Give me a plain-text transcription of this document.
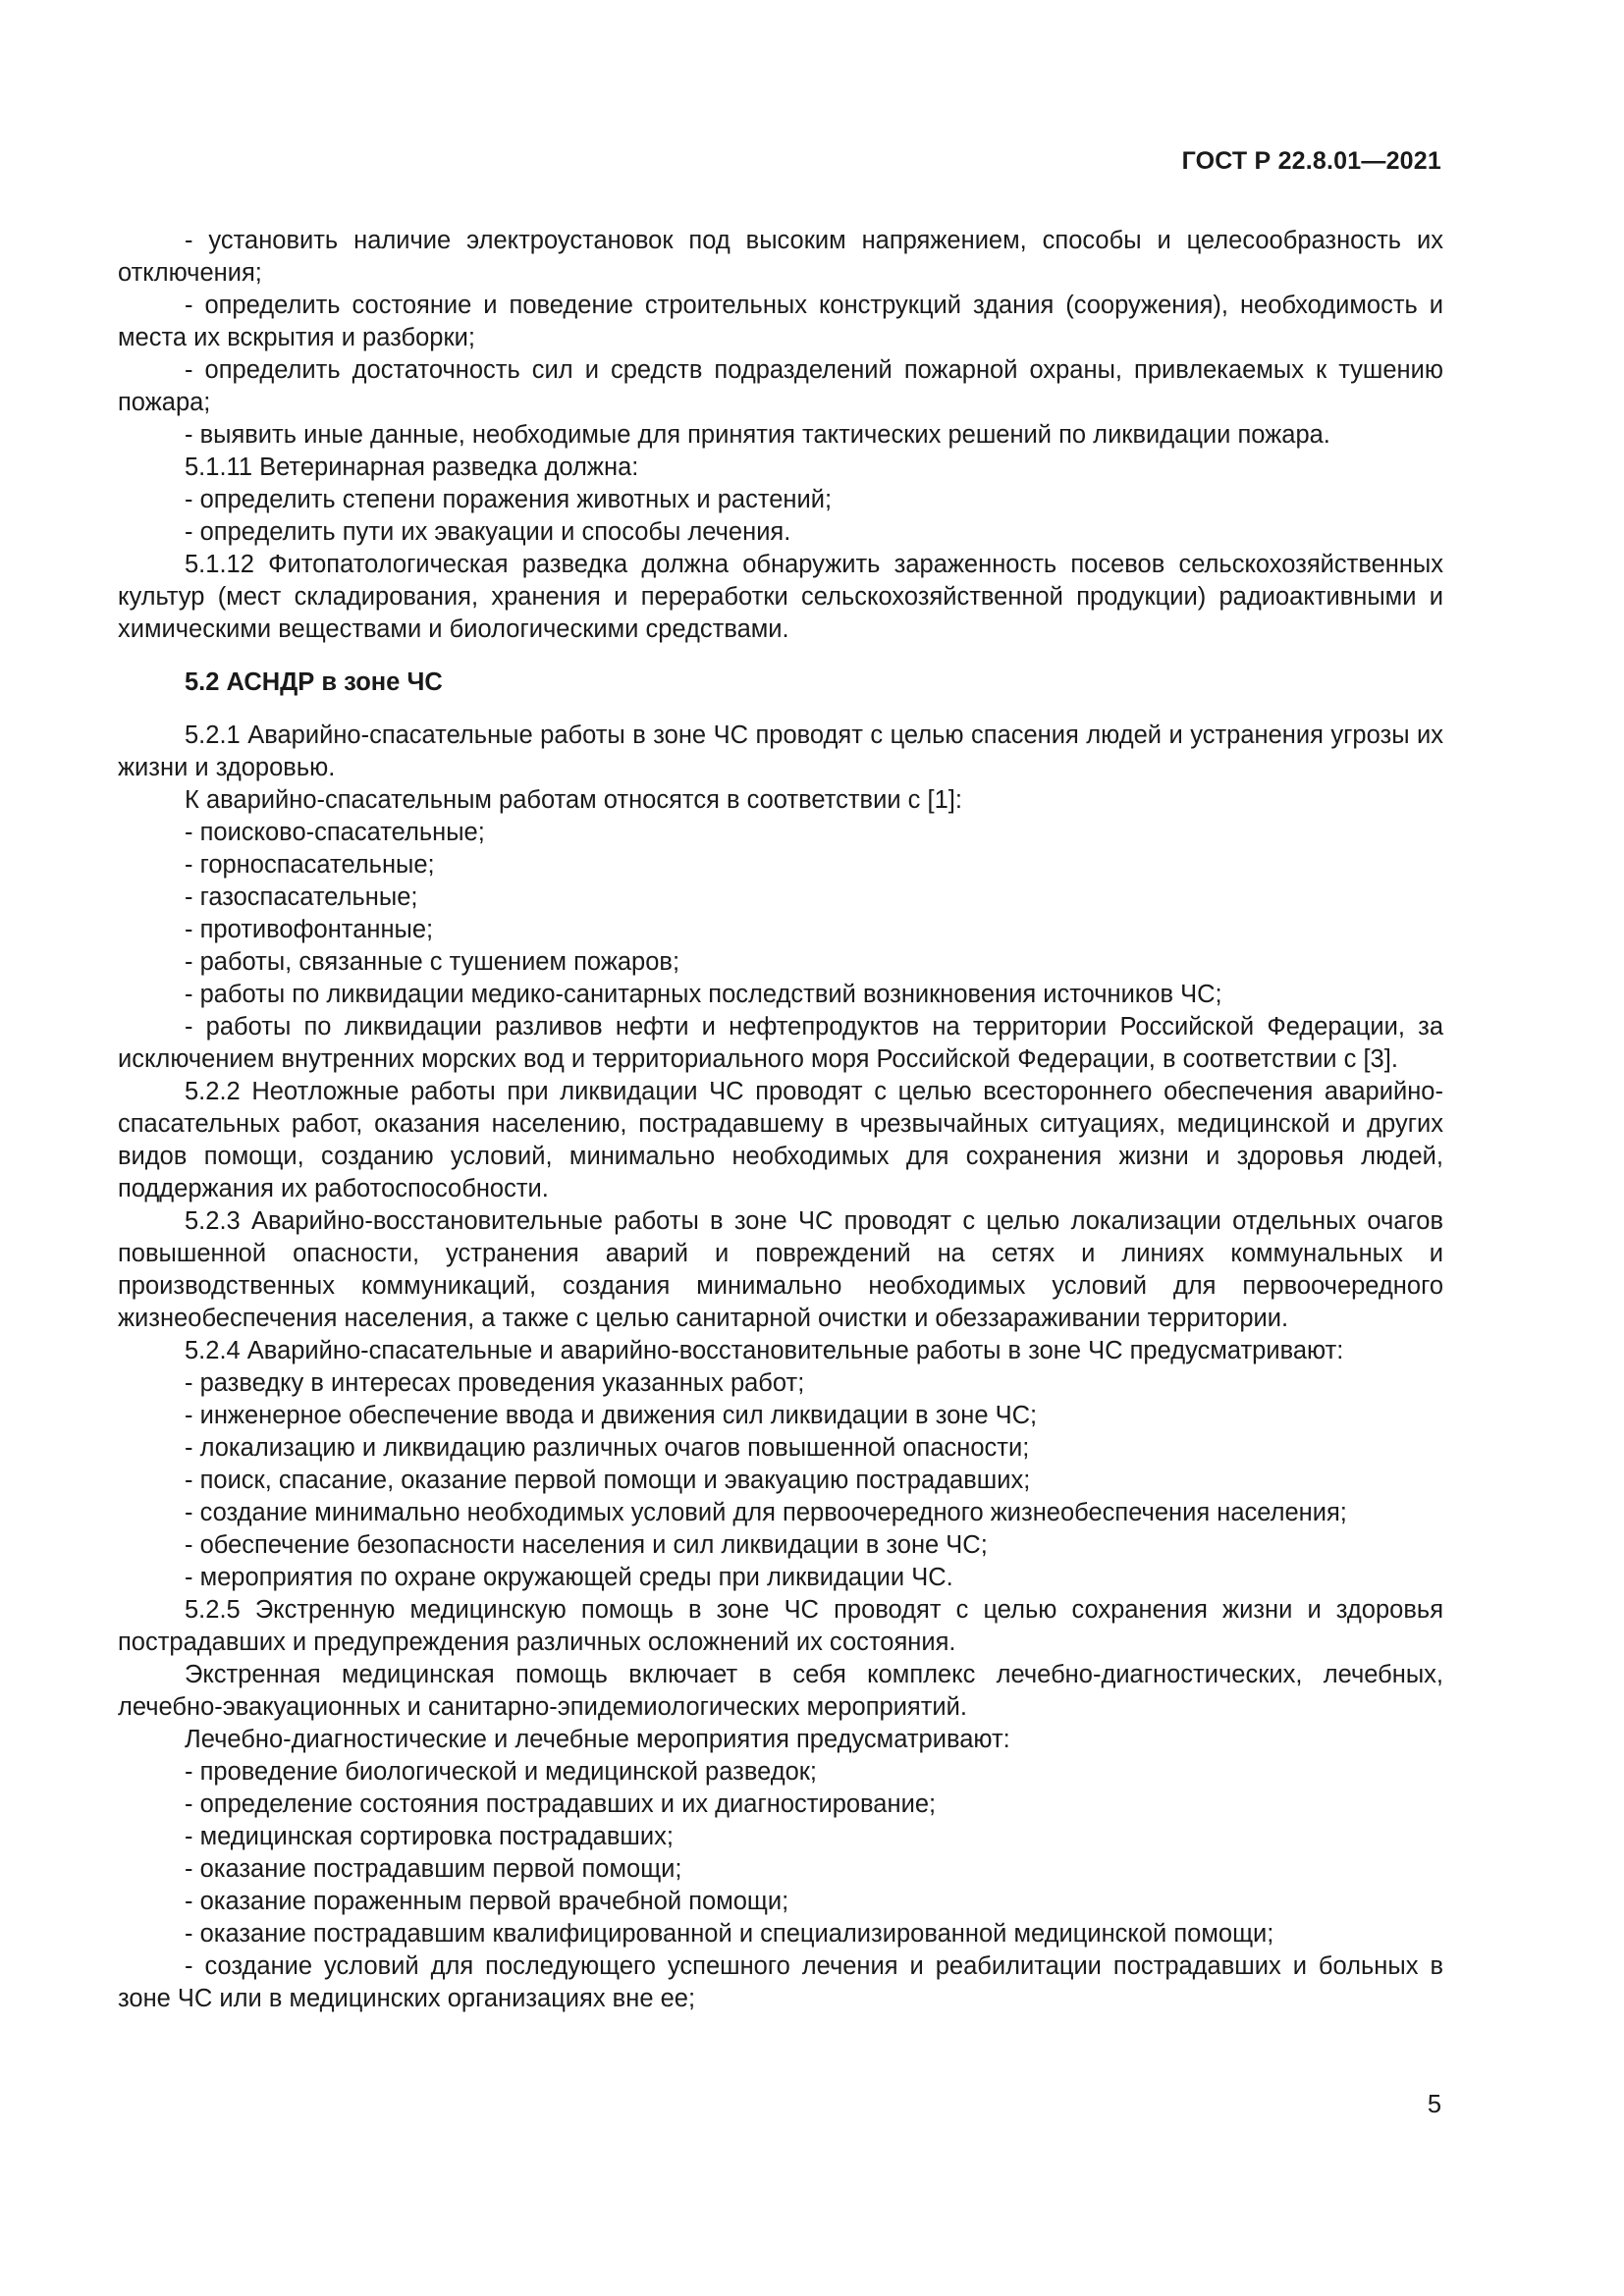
ГОСТ Р 22.8.01—2021

- установить наличие электроустановок под высоким напряжением, способы и целесообразность их отключения;

- определить состояние и поведение строительных конструкций здания (сооружения), необходимость и места их вскрытия и разборки;

- определить достаточность сил и средств подразделений пожарной охраны, привлекаемых к тушению пожара;

- выявить иные данные, необходимые для принятия тактических решений по ликвидации пожара.

5.1.11 Ветеринарная разведка должна:

- определить степени поражения животных и растений;

- определить пути их эвакуации и способы лечения.

5.1.12 Фитопатологическая разведка должна обнаружить зараженность посевов сельскохозяйственных культур (мест складирования, хранения и переработки сельскохозяйственной продукции) радиоактивными и химическими веществами и биологическими средствами.

5.2 АСНДР в зоне ЧС

5.2.1 Аварийно-спасательные работы в зоне ЧС проводят с целью спасения людей и устранения угрозы их жизни и здоровью.

К аварийно-спасательным работам относятся в соответствии с [1]:

- поисково-спасательные;

- горноспасательные;

- газоспасательные;

- противофонтанные;

- работы, связанные с тушением пожаров;

- работы по ликвидации медико-санитарных последствий возникновения источников ЧС;

- работы по ликвидации разливов нефти и нефтепродуктов на территории Российской Федерации, за исключением внутренних морских вод и территориального моря Российской Федерации, в соответствии с [3].

5.2.2 Неотложные работы при ликвидации ЧС проводят с целью всестороннего обеспечения аварийно-спасательных работ, оказания населению, пострадавшему в чрезвычайных ситуациях, медицинской и других видов помощи, созданию условий, минимально необходимых для сохранения жизни и здоровья людей, поддержания их работоспособности.

5.2.3 Аварийно-восстановительные работы в зоне ЧС проводят с целью локализации отдельных очагов повышенной опасности, устранения аварий и повреждений на сетях и линиях коммунальных и производственных коммуникаций, создания минимально необходимых условий для первоочередного жизнеобеспечения населения, а также с целью санитарной очистки и обеззараживании территории.

5.2.4 Аварийно-спасательные и аварийно-восстановительные работы в зоне ЧС предусматривают:

- разведку в интересах проведения указанных работ;

- инженерное обеспечение ввода и движения сил ликвидации в зоне ЧС;

- локализацию и ликвидацию различных очагов повышенной опасности;

- поиск, спасание, оказание первой помощи и эвакуацию пострадавших;

- создание минимально необходимых условий для первоочередного жизнеобеспечения населения;

- обеспечение безопасности населения и сил ликвидации в зоне ЧС;

- мероприятия по охране окружающей среды при ликвидации ЧС.

5.2.5 Экстренную медицинскую помощь в зоне ЧС проводят с целью сохранения жизни и здоровья пострадавших и предупреждения различных осложнений их состояния.

Экстренная медицинская помощь включает в себя комплекс лечебно-диагностических, лечебных, лечебно-эвакуационных и санитарно-эпидемиологических мероприятий.

Лечебно-диагностические и лечебные мероприятия предусматривают:

- проведение биологической и медицинской разведок;

- определение состояния пострадавших и их диагностирование;

- медицинская сортировка пострадавших;

- оказание пострадавшим первой помощи;

- оказание пораженным первой врачебной помощи;

- оказание пострадавшим квалифицированной и специализированной медицинской помощи;

- создание условий для последующего успешного лечения и реабилитации пострадавших и больных в зоне ЧС или в медицинских организациях вне ее;

5
